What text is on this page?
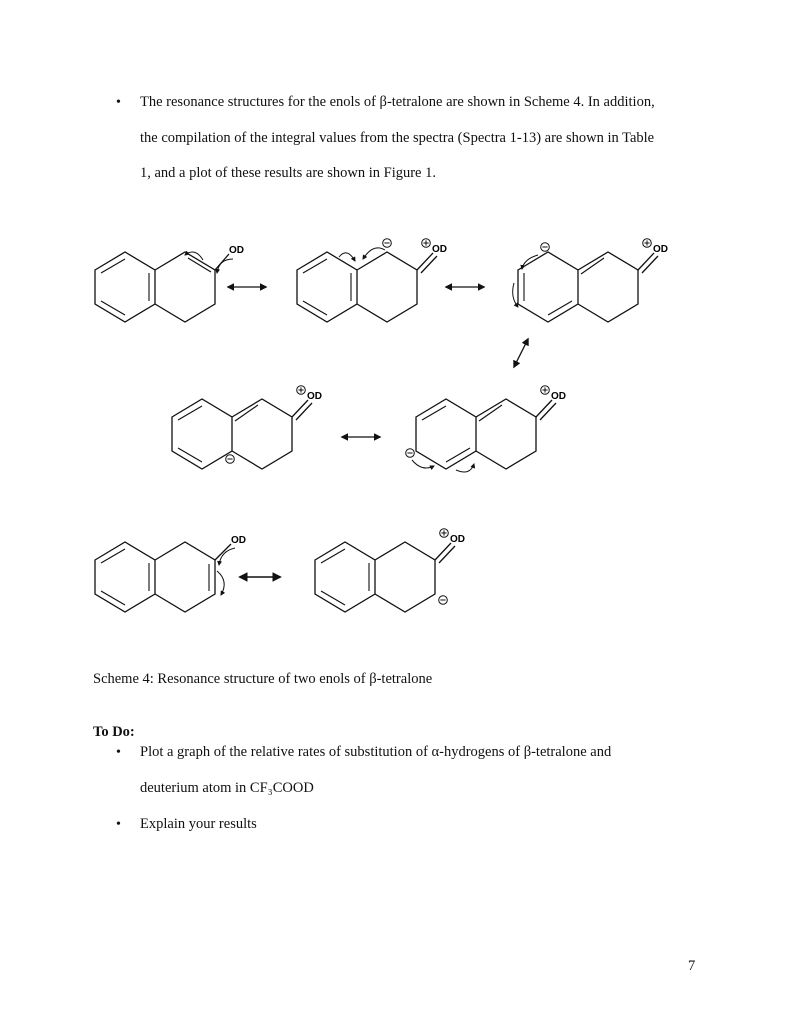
•	The resonance structures for the enols of β-tetralone are shown in Scheme 4. In addition,
the compilation of the integral values from the spectra (Spectra 1-13) are shown in Table
1, and a plot of these results are shown in Figure 1.
OD	OD	OD
OD	OD
OD	OD
Scheme 4: Resonance structure of two enols of β-tetralone
To Do:
•	Plot a graph of the relative rates of substitution of α-hydrogens of β-tetralone and
deuterium atom in CF₃COOD
•	Explain your results
7
